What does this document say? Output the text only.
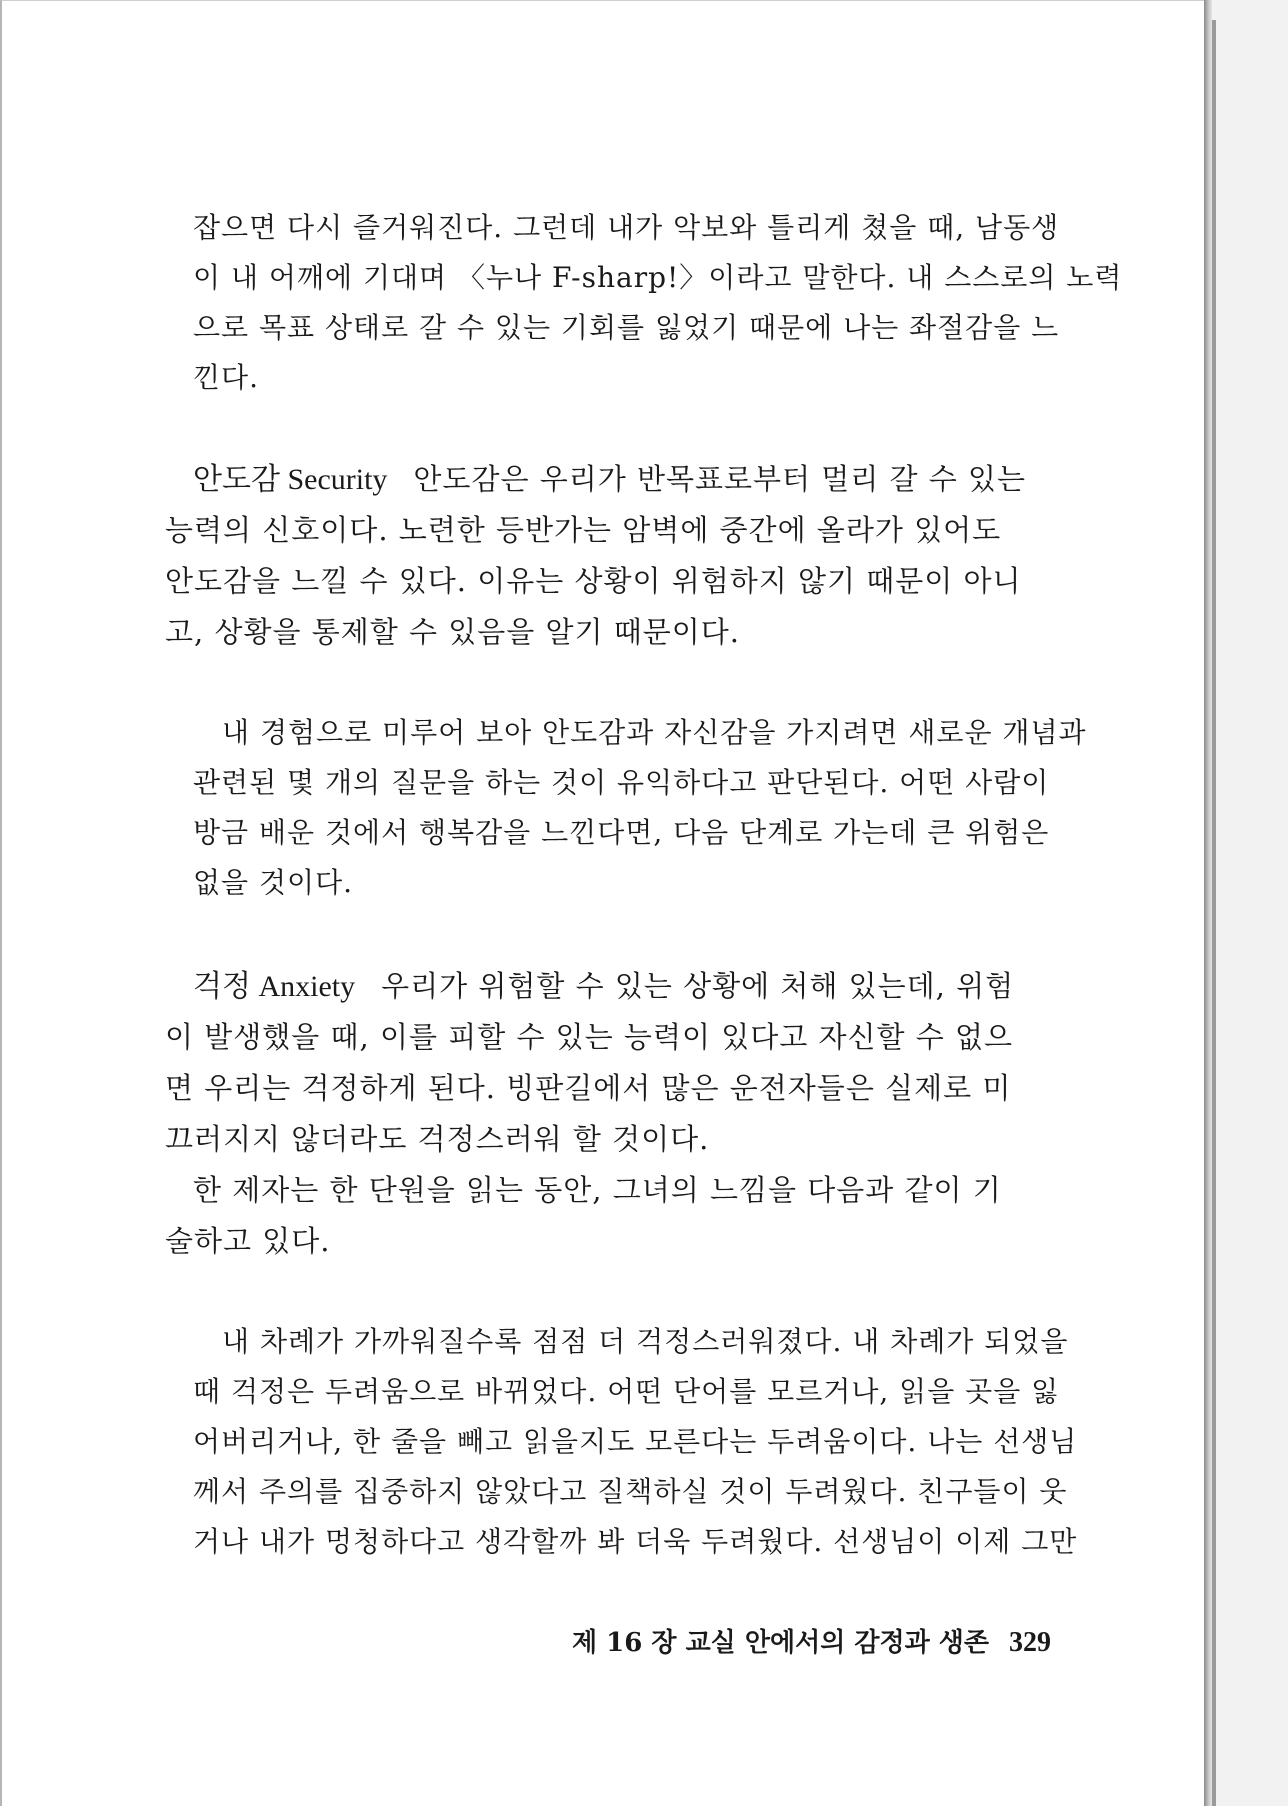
잡으면 다시 즐거워진다. 그런데 내가 악보와 틀리게 쳤을 때, 남동생
이 내 어깨에 기대며 〈누나 F-sharp!〉이라고 말한다. 내 스스로의 노력
으로 목표 상태로 갈 수 있는 기회를 잃었기 때문에 나는 좌절감을 느
낀다.
안도감 Security 안도감은 우리가 반목표로부터 멀리 갈 수 있는
능력의 신호이다. 노련한 등반가는 암벽에 중간에 올라가 있어도
안도감을 느낄 수 있다. 이유는 상황이 위험하지 않기 때문이 아니
고, 상황을 통제할 수 있음을 알기 때문이다.
내 경험으로 미루어 보아 안도감과 자신감을 가지려면 새로운 개념과
관련된 몇 개의 질문을 하는 것이 유익하다고 판단된다. 어떤 사람이
방금 배운 것에서 행복감을 느낀다면, 다음 단계로 가는데 큰 위험은
없을 것이다.
걱정 Anxiety 우리가 위험할 수 있는 상황에 처해 있는데, 위험
이 발생했을 때, 이를 피할 수 있는 능력이 있다고 자신할 수 없으
면 우리는 걱정하게 된다. 빙판길에서 많은 운전자들은 실제로 미
끄러지지 않더라도 걱정스러워 할 것이다.
한 제자는 한 단원을 읽는 동안, 그녀의 느낌을 다음과 같이 기
술하고 있다.
내 차례가 가까워질수록 점점 더 걱정스러워졌다. 내 차례가 되었을
때 걱정은 두려움으로 바뀌었다. 어떤 단어를 모르거나, 읽을 곳을 잃
어버리거나, 한 줄을 빼고 읽을지도 모른다는 두려움이다. 나는 선생님
께서 주의를 집중하지 않았다고 질책하실 것이 두려웠다. 친구들이 웃
거나 내가 멍청하다고 생각할까 봐 더욱 두려웠다. 선생님이 이제 그만
제 16 장 교실 안에서의 감정과 생존 329
